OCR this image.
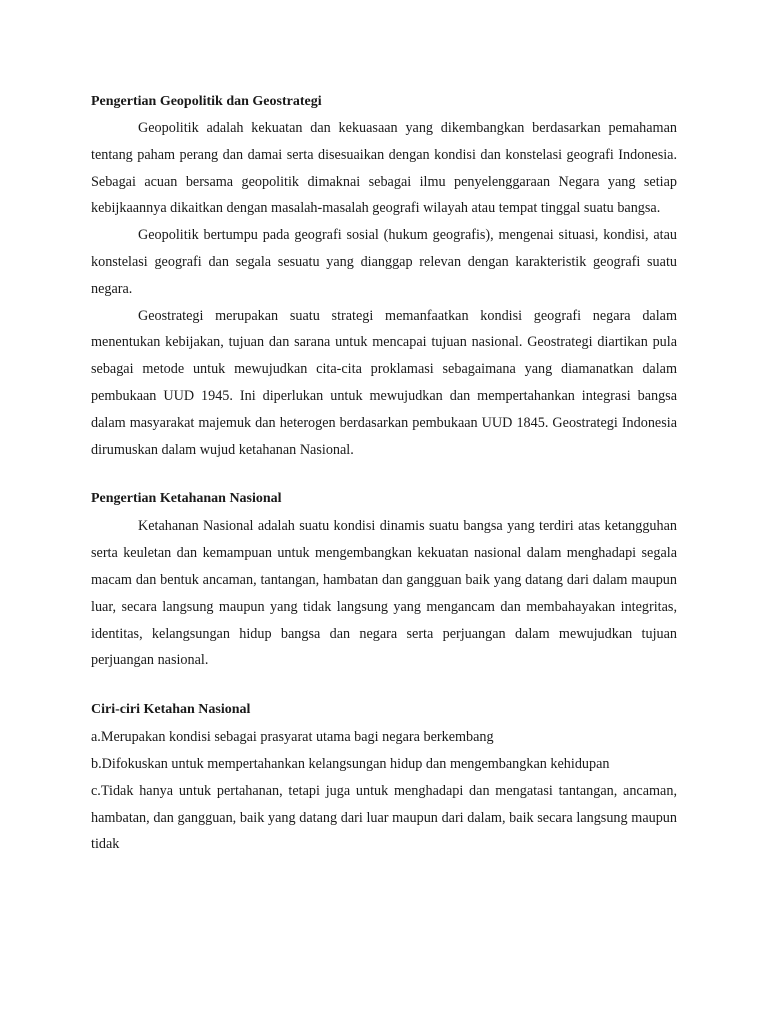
Pengertian Geopolitik dan Geostrategi

Geopolitik adalah kekuatan dan kekuasaan yang dikembangkan berdasarkan pemahaman tentang paham perang dan damai serta disesuaikan dengan kondisi dan konstelasi geografi Indonesia. Sebagai acuan bersama geopolitik dimaknai sebagai ilmu penyelenggaraan Negara yang setiap kebijkaannya dikaitkan dengan masalah-masalah geografi wilayah atau tempat tinggal suatu bangsa.

Geopolitik bertumpu pada geografi sosial (hukum geografis), mengenai situasi, kondisi, atau konstelasi geografi dan segala sesuatu yang dianggap relevan dengan karakteristik geografi suatu negara.

Geostrategi merupakan suatu strategi memanfaatkan kondisi geografi negara dalam menentukan kebijakan, tujuan dan sarana untuk mencapai tujuan nasional. Geostrategi diartikan pula sebagai metode untuk mewujudkan cita-cita proklamasi sebagaimana yang diamanatkan dalam pembukaan UUD 1945. Ini diperlukan untuk mewujudkan dan mempertahankan integrasi bangsa dalam masyarakat majemuk dan heterogen berdasarkan pembukaan UUD 1845. Geostrategi Indonesia dirumuskan dalam wujud ketahanan Nasional.

Pengertian Ketahanan Nasional

Ketahanan Nasional adalah suatu kondisi dinamis suatu bangsa yang terdiri atas ketangguhan serta keuletan dan kemampuan untuk mengembangkan kekuatan nasional dalam menghadapi segala macam dan bentuk ancaman, tantangan, hambatan dan gangguan baik yang datang dari dalam maupun luar, secara langsung maupun yang tidak langsung yang mengancam dan membahayakan integritas, identitas, kelangsungan hidup bangsa dan negara serta perjuangan dalam mewujudkan tujuan perjuangan nasional.

Ciri-ciri Ketahan Nasional

a.Merupakan kondisi sebagai prasyarat utama bagi negara berkembang

b.Difokuskan untuk mempertahankan kelangsungan hidup dan mengembangkan kehidupan

c.Tidak hanya untuk pertahanan, tetapi juga untuk menghadapi dan mengatasi tantangan, ancaman, hambatan, dan gangguan, baik yang datang dari luar maupun dari dalam, baik secara langsung maupun tidak
